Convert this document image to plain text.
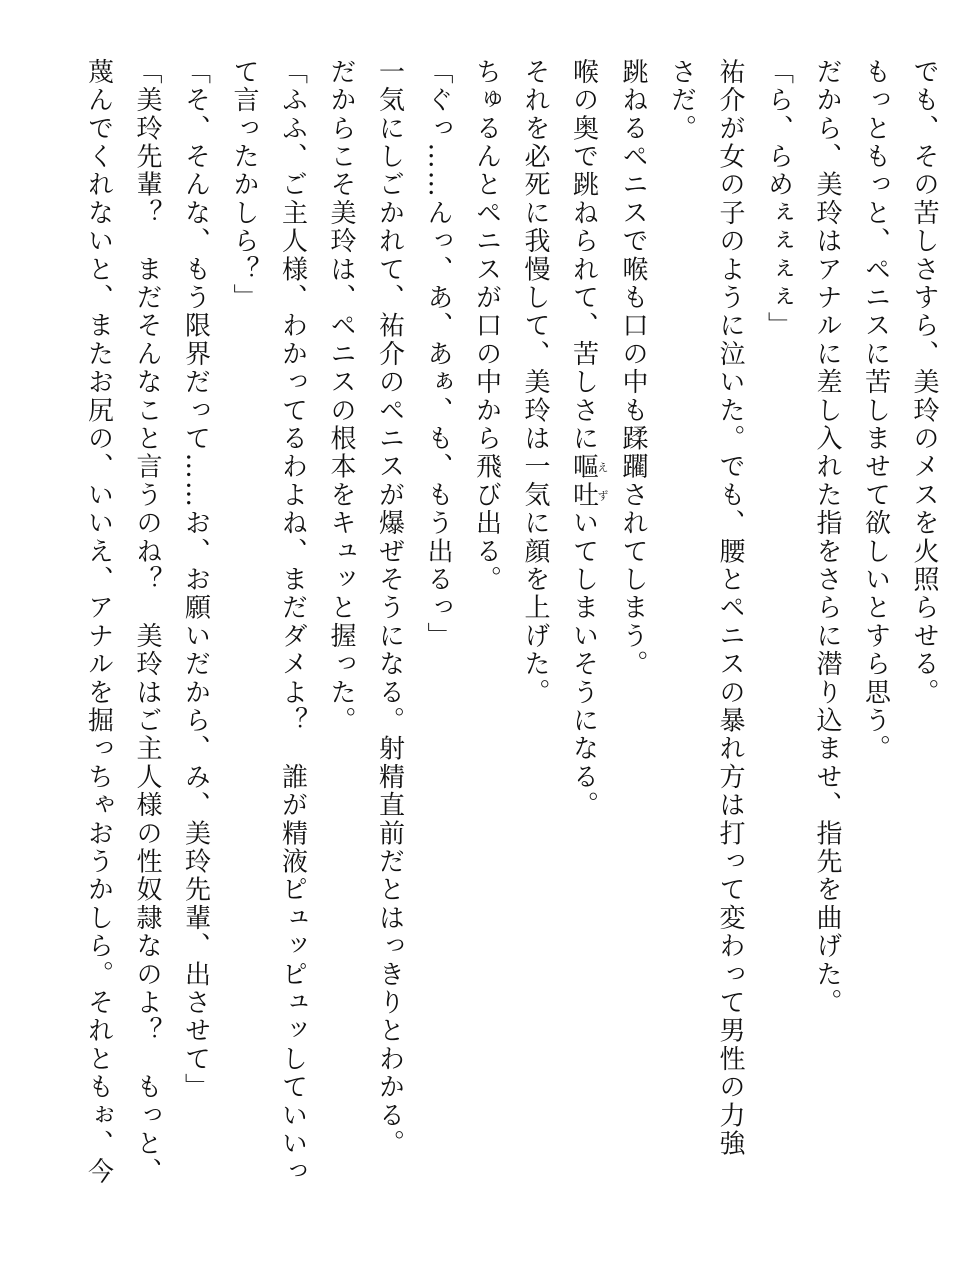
でも、その苦しさすら、美玲のメスを火照らせる。
もっともっと、ペニスに苦しませて欲しいとすら思う。
だから、美玲はアナルに差し入れた指をさらに潜り込ませ、指先を曲げた。
「ら、らめぇぇぇぇ」
祐介が女の子のように泣いた。でも、腰とペニスの暴れ方は打って変わって男性の力強
さだ。
跳ねるペニスで喉も口の中も蹂躙されてしまう。
喉の奥で跳ねられて、苦しさに嘔吐えずいてしまいそうになる。
それを必死に我慢して、美玲は一気に顔を上げた。
ちゅるんとペニスが口の中から飛び出る。
「ぐっ……んっ、あ、あぁ、も、もう出るっ」
一気にしごかれて、祐介のペニスが爆ぜそうになる。射精直前だとはっきりとわかる。
だからこそ美玲は、ペニスの根本をキュッと握った。
「ふふ、ご主人様、わかってるわよね、まだダメよ？　誰が精液ピュッピュッしていいっ
て言ったかしら？」
「そ、そんな、もう限界だって……お、お願いだから、み、美玲先輩、出させて」
「美玲先輩？　まだそんなこと言うのね？　美玲はご主人様の性奴隷なのよ？　もっと、
蔑んでくれないと、またお尻の、いいえ、アナルを掘っちゃおうかしら。それともぉ、今
